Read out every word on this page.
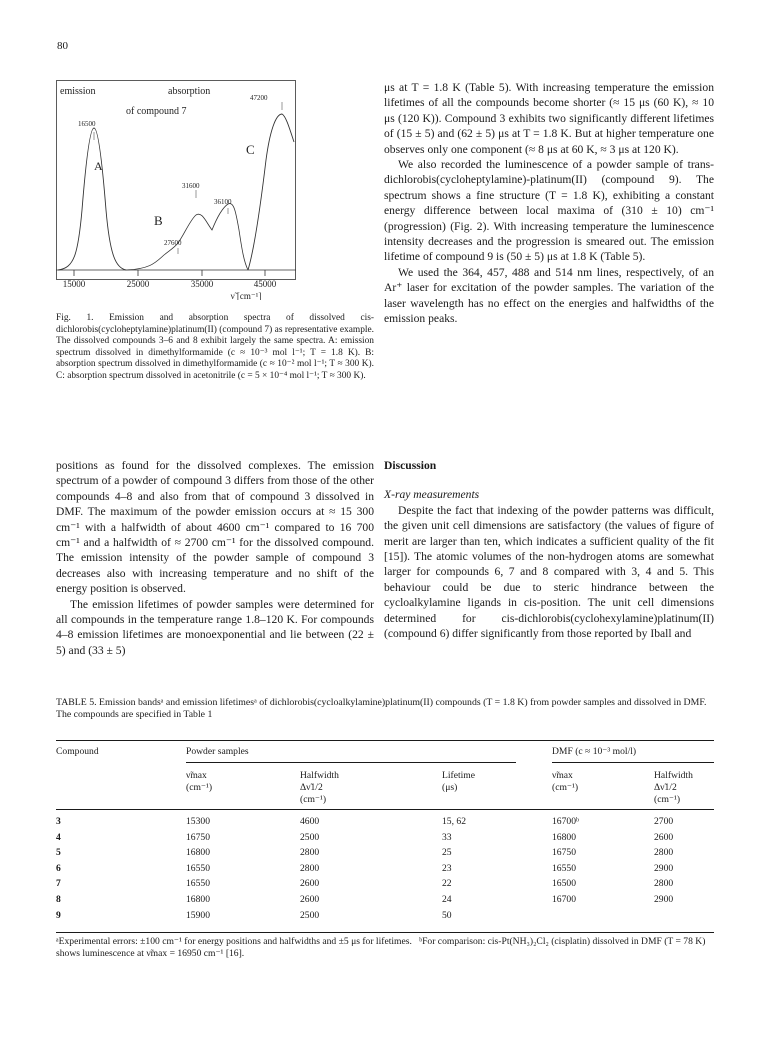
80
emission	absorption
of compound 7
47200
16500
A
C
36100
31600
B
27600
15000	25000	35000	45000
ν̃ [cm⁻¹]

Fig. 1. Emission and absorption spectra of dissolved cis-dichlorobis(cycloheptylamine)platinum(II) (compound 7) as representative example. The dissolved compounds 3–6 and 8 exhibit largely the same spectra. A: emission spectrum dissolved in dimethylformamide (c ≈ 10⁻³ mol l⁻¹; T = 1.8 K). B: absorption spectrum dissolved in dimethylformamide (c ≈ 10⁻² mol l⁻¹; T ≈ 300 K). C: absorption spectrum dissolved in acetonitrile (c = 5 × 10⁻⁴ mol l⁻¹; T ≈ 300 K).

μs at T = 1.8 K (Table 5). With increasing temperature the emission lifetimes of all the compounds become shorter (≈ 15 μs (60 K), ≈ 10 μs (120 K)). Compound 3 exhibits two significantly different lifetimes of (15 ± 5) and (62 ± 5) μs at T = 1.8 K. But at higher temperature one observes only one component (≈ 8 μs at 60 K, ≈ 3 μs at 120 K).

We also recorded the luminescence of a powder sample of trans-dichlorobis(cycloheptylamine)-platinum(II) (compound 9). The spectrum shows a fine structure (T = 1.8 K), exhibiting a constant energy difference between local maxima of (310 ± 10) cm⁻¹ (progression) (Fig. 2). With increasing temperature the luminescence intensity decreases and the progression is smeared out. The emission lifetime of compound 9 is (50 ± 5) μs at 1.8 K (Table 5).

We used the 364, 457, 488 and 514 nm lines, respectively, of an Ar⁺ laser for excitation of the powder samples. The variation of the laser wavelength has no effect on the energies and halfwidths of the emission peaks.

positions as found for the dissolved complexes. The emission spectrum of a powder of compound 3 differs from those of the other compounds 4–8 and also from that of compound 3 dissolved in DMF. The maximum of the powder emission occurs at ≈ 15 300 cm⁻¹ with a halfwidth of about 4600 cm⁻¹ compared to 16 700 cm⁻¹ and a halfwidth of ≈ 2700 cm⁻¹ for the dissolved compound. The emission intensity of the powder sample of compound 3 decreases also with increasing temperature and no shift of the energy position is observed.

The emission lifetimes of powder samples were determined for all compounds in the temperature range 1.8–120 K. For compounds 4–8 emission lifetimes are monoexponential and lie between (22 ± 5) and (33 ± 5)

Discussion

X-ray measurements

Despite the fact that indexing of the powder patterns was difficult, the given unit cell dimensions are satisfactory (the values of figure of merit are larger than ten, which indicates a sufficient quality of the fit [15]). The atomic volumes of the non-hydrogen atoms are somewhat larger for compounds 6, 7 and 8 compared with 3, 4 and 5. This behaviour could be due to steric hindrance between the cycloalkylamine ligands in cis-position. The unit cell dimensions determined for cis-dichlorobis(cyclohexylamine)platinum(II) (compound 6) differ significantly from those reported by Iball and

TABLE 5. Emission bandsᵃ and emission lifetimesᵃ of dichlorobis(cycloalkylamine)platinum(II) compounds (T = 1.8 K) from powder samples and dissolved in DMF. The compounds are specified in Table 1
Compound	Powder samples	DMF (c ≈ 10⁻³ mol/l)
ν̃max
(cm⁻¹)
Halfwidth
Δν̃1/2
(cm⁻¹)
Lifetime
(μs)
ν̃max
(cm⁻¹)
Halfwidth
Δν̃1/2
(cm⁻¹)
3	15300	4600	15, 62	16700ᵇ	2700
4	16750	2500	33	16800	2600
5	16800	2800	25	16750	2800
6	16550	2800	23	16550	2900
7	16550	2600	22	16500	2800
8	16800	2600	24	16700	2900
9	15900	2500	50
ᵃExperimental errors: ±100 cm⁻¹ for energy positions and halfwidths and ±5 μs for lifetimes. ᵇFor comparison: cis-Pt(NH₃)₂Cl₂ (cisplatin) dissolved in DMF (T = 78 K) shows luminescence at ν̃max = 16950 cm⁻¹ [16].
